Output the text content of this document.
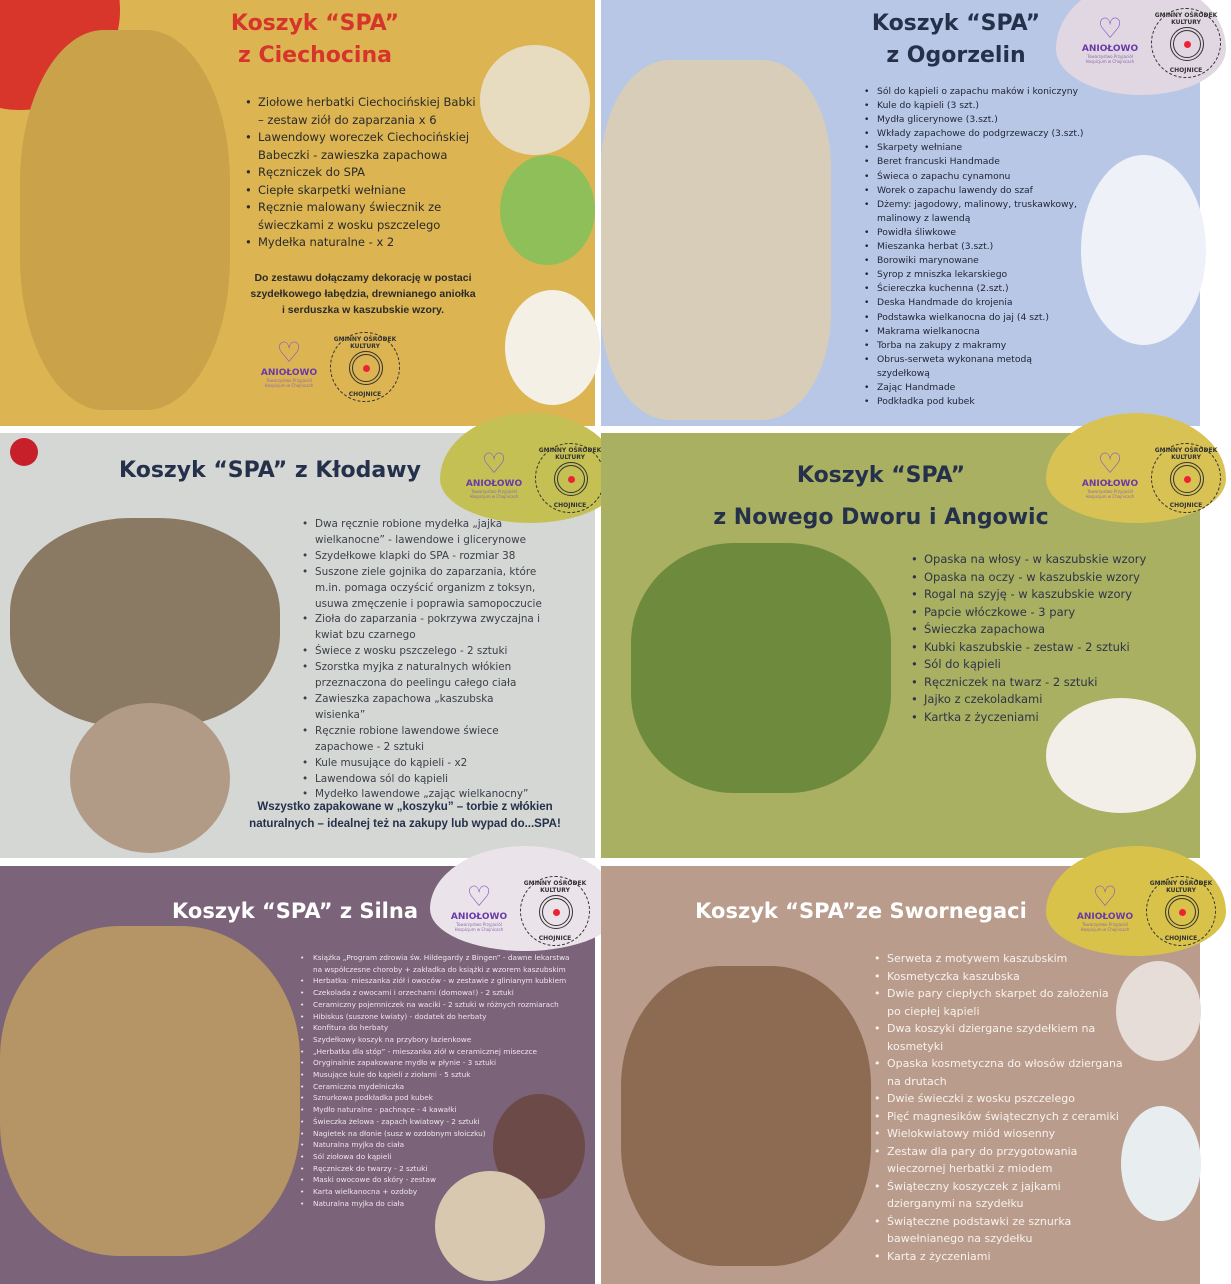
Koszyk “SPA”
z Ciechocina
• Ziołowe herbatki Ciechocińskiej Babki – zestaw ziół do zaparzania x 6
• Lawendowy woreczek Ciechocińskiej Babeczki - zawieszka zapachowa
• Ręczniczek do SPA
• Ciepłe skarpetki wełniane
• Ręcznie malowany świecznik ze świeczkami z wosku pszczelego
• Mydełka naturalne - x 2
Do zestawu dołączamy dekorację w postaci szydełkowego łabędzia, drewnianego aniołka i serduszka w kaszubskie wzory.
♡
ANIOŁOWO
Towarzystwo Przyjaciół Hospicjum w Chojnicach
GMINNY OŚRODEK KULTURY
CHOJNICE
Koszyk “SPA”
z Ogorzelin
• Sól do kąpieli o zapachu maków i koniczyny
• Kule do kąpieli (3 szt.)
• Mydła glicerynowe (3.szt.)
• Wkłady zapachowe do podgrzewaczy (3.szt.)
• Skarpety wełniane
• Beret francuski Handmade
• Świeca o zapachu cynamonu
• Worek o zapachu lawendy do szaf
• Dżemy: jagodowy, malinowy, truskawkowy, malinowy z lawendą
• Powidła śliwkowe
• Mieszanka herbat (3.szt.)
• Borowiki marynowane
• Syrop z mniszka lekarskiego
• Ściereczka kuchenna (2.szt.)
• Deska Handmade do krojenia
• Podstawka wielkanocna do jaj (4 szt.)
• Makrama wielkanocna
• Torba na zakupy z makramy
• Obrus-serweta wykonana metodą szydełkową
• Zając Handmade
• Podkładka pod kubek
♡
ANIOŁOWO
Towarzystwo Przyjaciół Hospicjum w Chojnicach
GMINNY OŚRODEK KULTURY
CHOJNICE
Koszyk “SPA” z Kłodawy
• Dwa ręcznie robione mydełka „jajka wielkanocne” - lawendowe i glicerynowe
• Szydełkowe klapki do SPA - rozmiar 38
• Suszone ziele gojnika do zaparzania, które m.in. pomaga oczyścić organizm z toksyn, usuwa zmęczenie i poprawia samopoczucie
• Zioła do zaparzania - pokrzywa zwyczajna i kwiat bzu czarnego
• Świece z wosku pszczelego - 2 sztuki
• Szorstka myjka z naturalnych włókien przeznaczona do peelingu całego ciała
• Zawieszka zapachowa „kaszubska wisienka”
• Ręcznie robione lawendowe świece zapachowe - 2 sztuki
• Kule musujące do kąpieli - x2
• Lawendowa sól do kąpieli
• Mydełko lawendowe „zając wielkanocny”
Wszystko zapakowane w „koszyku” – torbie z włókien naturalnych – idealnej też na zakupy lub wypad do...SPA!
♡
ANIOŁOWO
Towarzystwo Przyjaciół Hospicjum w Chojnicach
GMINNY OŚRODEK KULTURY
CHOJNICE
Koszyk “SPA”
z Nowego Dworu i Angowic
• Opaska na włosy - w kaszubskie wzory
• Opaska na oczy - w kaszubskie wzory
• Rogal na szyję - w kaszubskie wzory
• Papcie włóczkowe - 3 pary
• Świeczka zapachowa
• Kubki kaszubskie - zestaw - 2 sztuki
• Sól do kąpieli
• Ręczniczek na twarz - 2 sztuki
• Jajko z czekoladkami
• Kartka z życzeniami
♡
ANIOŁOWO
Towarzystwo Przyjaciół Hospicjum w Chojnicach
GMINNY OŚRODEK KULTURY
CHOJNICE
Koszyk “SPA” z Silna
• Książka „Program zdrowia św. Hildegardy z Bingen” - dawne lekarstwa na współczesne choroby + zakładka do książki z wzorem kaszubskim
• Herbatka: mieszanka ziół i owoców - w zestawie z glinianym kubkiem
• Czekolada z owocami i orzechami (domowa!) - 2 sztuki
• Ceramiczny pojemniczek na waciki - 2 sztuki w różnych rozmiarach
• Hibiskus (suszone kwiaty) - dodatek do herbaty
• Konfitura do herbaty
• Szydełkowy koszyk na przybory łazienkowe
• „Herbatka dla stóp” - mieszanka ziół w ceramicznej miseczce
• Oryginalnie zapakowane mydło w płynie - 3 sztuki
• Musujące kule do kąpieli z ziołami - 5 sztuk
• Ceramiczna mydelniczka
• Sznurkowa podkładka pod kubek
• Mydło naturalne - pachnące - 4 kawałki
• Świeczka żelowa - zapach kwiatowy - 2 sztuki
• Nagietek na dłonie (susz w ozdobnym słoiczku)
• Naturalna myjka do ciała
• Sól ziołowa do kąpieli
• Ręczniczek do twarzy - 2 sztuki
• Maski owocowe do skóry - zestaw
• Karta wielkanocna + ozdoby
• Naturalna myjka do ciała
♡
ANIOŁOWO
Towarzystwo Przyjaciół Hospicjum w Chojnicach
GMINNY OŚRODEK KULTURY
CHOJNICE
Koszyk “SPA”ze Swornegaci
• Serweta z motywem kaszubskim
• Kosmetyczka kaszubska
• Dwie pary ciepłych skarpet do założenia po ciepłej kąpieli
• Dwa koszyki dziergane szydełkiem na kosmetyki
• Opaska kosmetyczna do włosów dziergana na drutach
• Dwie świeczki z wosku pszczelego
• Pięć magnesików świątecznych z ceramiki
• Wielokwiatowy miód wiosenny
• Zestaw dla pary do przygotowania wieczornej herbatki z miodem
• Świąteczny koszyczek z jajkami dzierganymi na szydełku
• Świąteczne podstawki ze sznurka bawełnianego na szydełku
• Karta z życzeniami
♡
ANIOŁOWO
Towarzystwo Przyjaciół Hospicjum w Chojnicach
GMINNY OŚRODEK KULTURY
CHOJNICE
